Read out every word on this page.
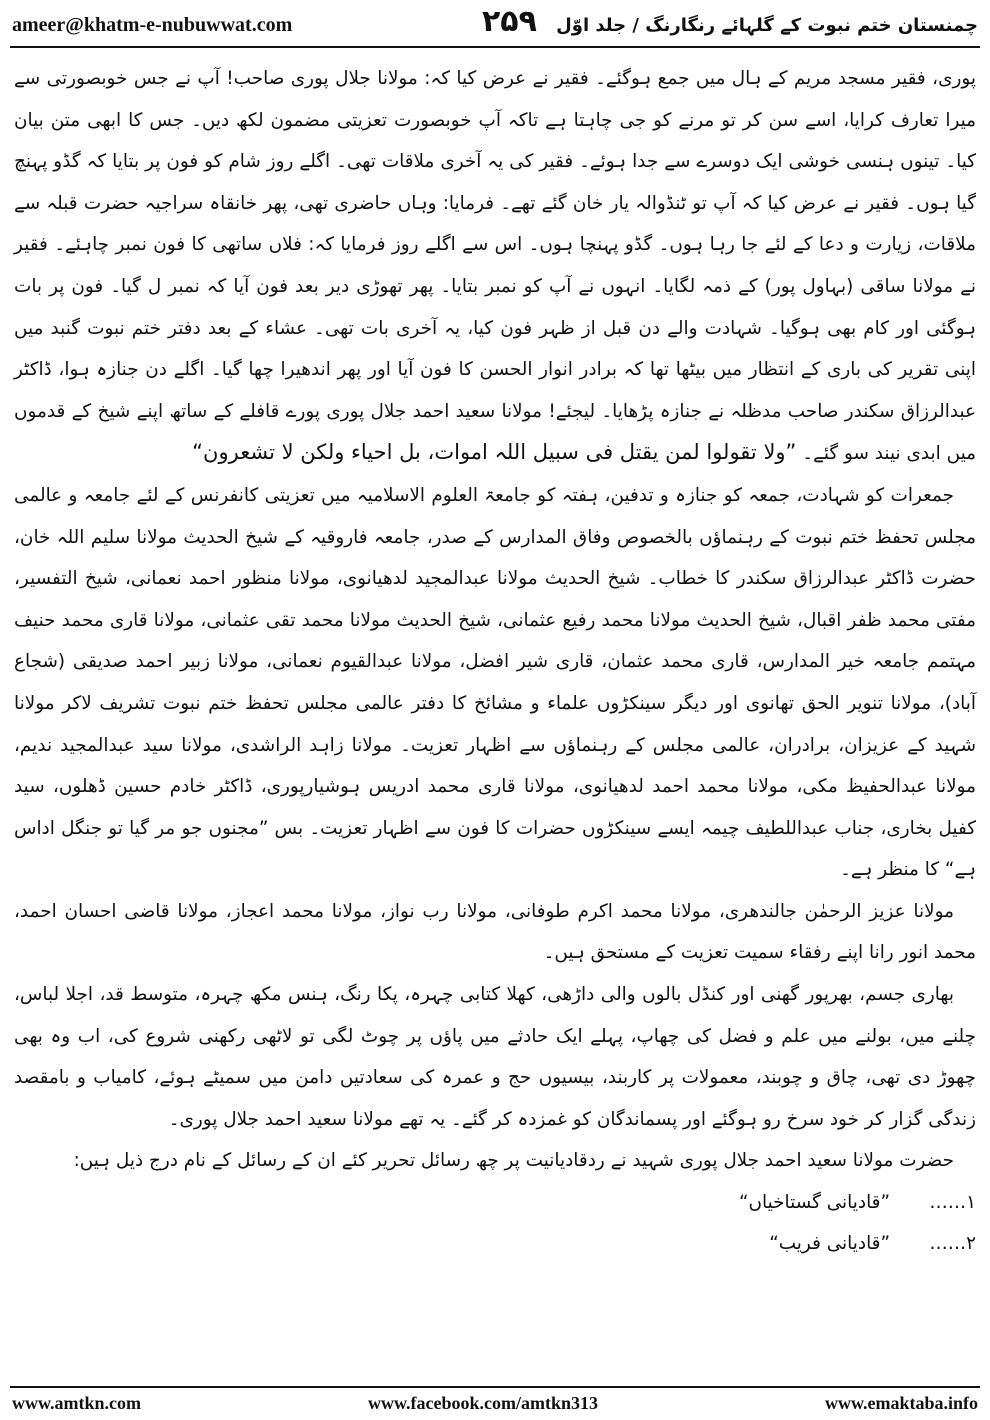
ameer@khatm-e-nubuwwat.com	۲۵۹ چمنستان ختم نبوت کے گلہائے رنگارنگ / جلد اوّل

پوری، فقیر مسجد مریم کے ہال میں جمع ہوگئے۔ فقیر نے عرض کیا کہ: مولانا جلال پوری صاحب! آپ نے جس خوبصورتی سے میرا تعارف کرایا، اسے سن کر تو مرنے کو جی چاہتا ہے تاکہ آپ خوبصورت تعزیتی مضمون لکھ دیں۔ جس کا ابھی متن بیان کیا۔ تینوں ہنسی خوشی ایک دوسرے سے جدا ہوئے۔ فقیر کی یہ آخری ملاقات تھی۔ اگلے روز شام کو فون پر بتایا کہ گڈو پہنچ گیا ہوں۔ فقیر نے عرض کیا کہ آپ تو ٹنڈوالہ یار خان گئے تھے۔ فرمایا: وہاں حاضری تھی، پھر خانقاہ سراجیہ حضرت قبلہ سے ملاقات، زیارت و دعا کے لئے جا رہا ہوں۔ گڈو پہنچا ہوں۔ اس سے اگلے روز فرمایا کہ: فلاں ساتھی کا فون نمبر چاہئے۔ فقیر نے مولانا ساقی (بہاول پور) کے ذمہ لگایا۔ انہوں نے آپ کو نمبر بتایا۔ پھر تھوڑی دیر بعد فون آیا کہ نمبر ل گیا۔ فون پر بات ہوگئی اور کام بھی ہوگیا۔ شہادت والے دن قبل از ظہر فون کیا، یہ آخری بات تھی۔ عشاء کے بعد دفتر ختم نبوت گنبد میں اپنی تقریر کی باری کے انتظار میں بیٹھا تھا کہ برادر انوار الحسن کا فون آیا اور پھر اندھیرا چھا گیا۔ اگلے دن جنازہ ہوا، ڈاکٹر عبدالرزاق سکندر صاحب مدظلہ نے جنازہ پڑھایا۔ لیجئے! مولانا سعید احمد جلال پوری پورے قافلے کے ساتھ اپنے شیخ کے قدموں میں ابدی نیند سو گئے۔ ”ولا تقولوا لمن یقتل فی سبیل اللہ اموات، بل احیاء ولکن لا تشعرون“

جمعرات کو شہادت، جمعہ کو جنازہ و تدفین، ہفتہ کو جامعۃ العلوم الاسلامیہ میں تعزیتی کانفرنس کے لئے جامعہ و عالمی مجلس تحفظ ختم نبوت کے رہنماؤں بالخصوص وفاق المدارس کے صدر، جامعہ فاروقیہ کے شیخ الحدیث مولانا سلیم اللہ خان، حضرت ڈاکٹر عبدالرزاق سکندر کا خطاب۔ شیخ الحدیث مولانا عبدالمجید لدھیانوی، مولانا منظور احمد نعمانی، شیخ التفسیر، مفتی محمد ظفر اقبال، شیخ الحدیث مولانا محمد رفیع عثمانی، شیخ الحدیث مولانا محمد تقی عثمانی، مولانا قاری محمد حنیف مہتمم جامعہ خیر المدارس، قاری محمد عثمان، قاری شیر افضل، مولانا عبدالقیوم نعمانی، مولانا زبیر احمد صدیقی (شجاع آباد)، مولانا تنویر الحق تھانوی اور دیگر سینکڑوں علماء و مشائخ کا دفتر عالمی مجلس تحفظ ختم نبوت تشریف لاکر مولانا شہید کے عزیزان، برادران، عالمی مجلس کے رہنماؤں سے اظہار تعزیت۔ مولانا زاہد الراشدی، مولانا سید عبدالمجید ندیم، مولانا عبدالحفیظ مکی، مولانا محمد احمد لدھیانوی، مولانا قاری محمد ادریس ہوشیارپوری، ڈاکٹر خادم حسین ڈھلوں، سید کفیل بخاری، جناب عبداللطیف چیمہ ایسے سینکڑوں حضرات کا فون سے اظہار تعزیت۔ بس ”مجنوں جو مر گیا تو جنگل اداس ہے“ کا منظر ہے۔

مولانا عزیز الرحمٰن جالندھری، مولانا محمد اکرم طوفانی، مولانا رب نواز، مولانا محمد اعجاز، مولانا قاضی احسان احمد، محمد انور رانا اپنے رفقاء سمیت تعزیت کے مستحق ہیں۔

بھاری جسم، بھرپور گھنی اور کنڈل بالوں والی داڑھی، کھلا کتابی چہرہ، پکا رنگ، ہنس مکھ چہرہ، متوسط قد، اجلا لباس، چلنے میں، بولنے میں علم و فضل کی چھاپ، پہلے ایک حادثے میں پاؤں پر چوٹ لگی تو لاٹھی رکھنی شروع کی، اب وہ بھی چھوڑ دی تھی، چاق و چوبند، معمولات پر کاربند، بیسیوں حج و عمرہ کی سعادتیں دامن میں سمیٹے ہوئے، کامیاب و بامقصد زندگی گزار کر خود سرخ رو ہوگئے اور پسماندگان کو غمزدہ کر گئے۔ یہ تھے مولانا سعید احمد جلال پوری۔

حضرت مولانا سعید احمد جلال پوری شہید نے ردقادیانیت پر چھ رسائل تحریر کئے ان کے رسائل کے نام درج ذیل ہیں:

۱……
”قادیانی گستاخیاں“
۲……
”قادیانی فریب“
www.amtkn.com	www.facebook.com/amtkn313	www.emaktaba.info
